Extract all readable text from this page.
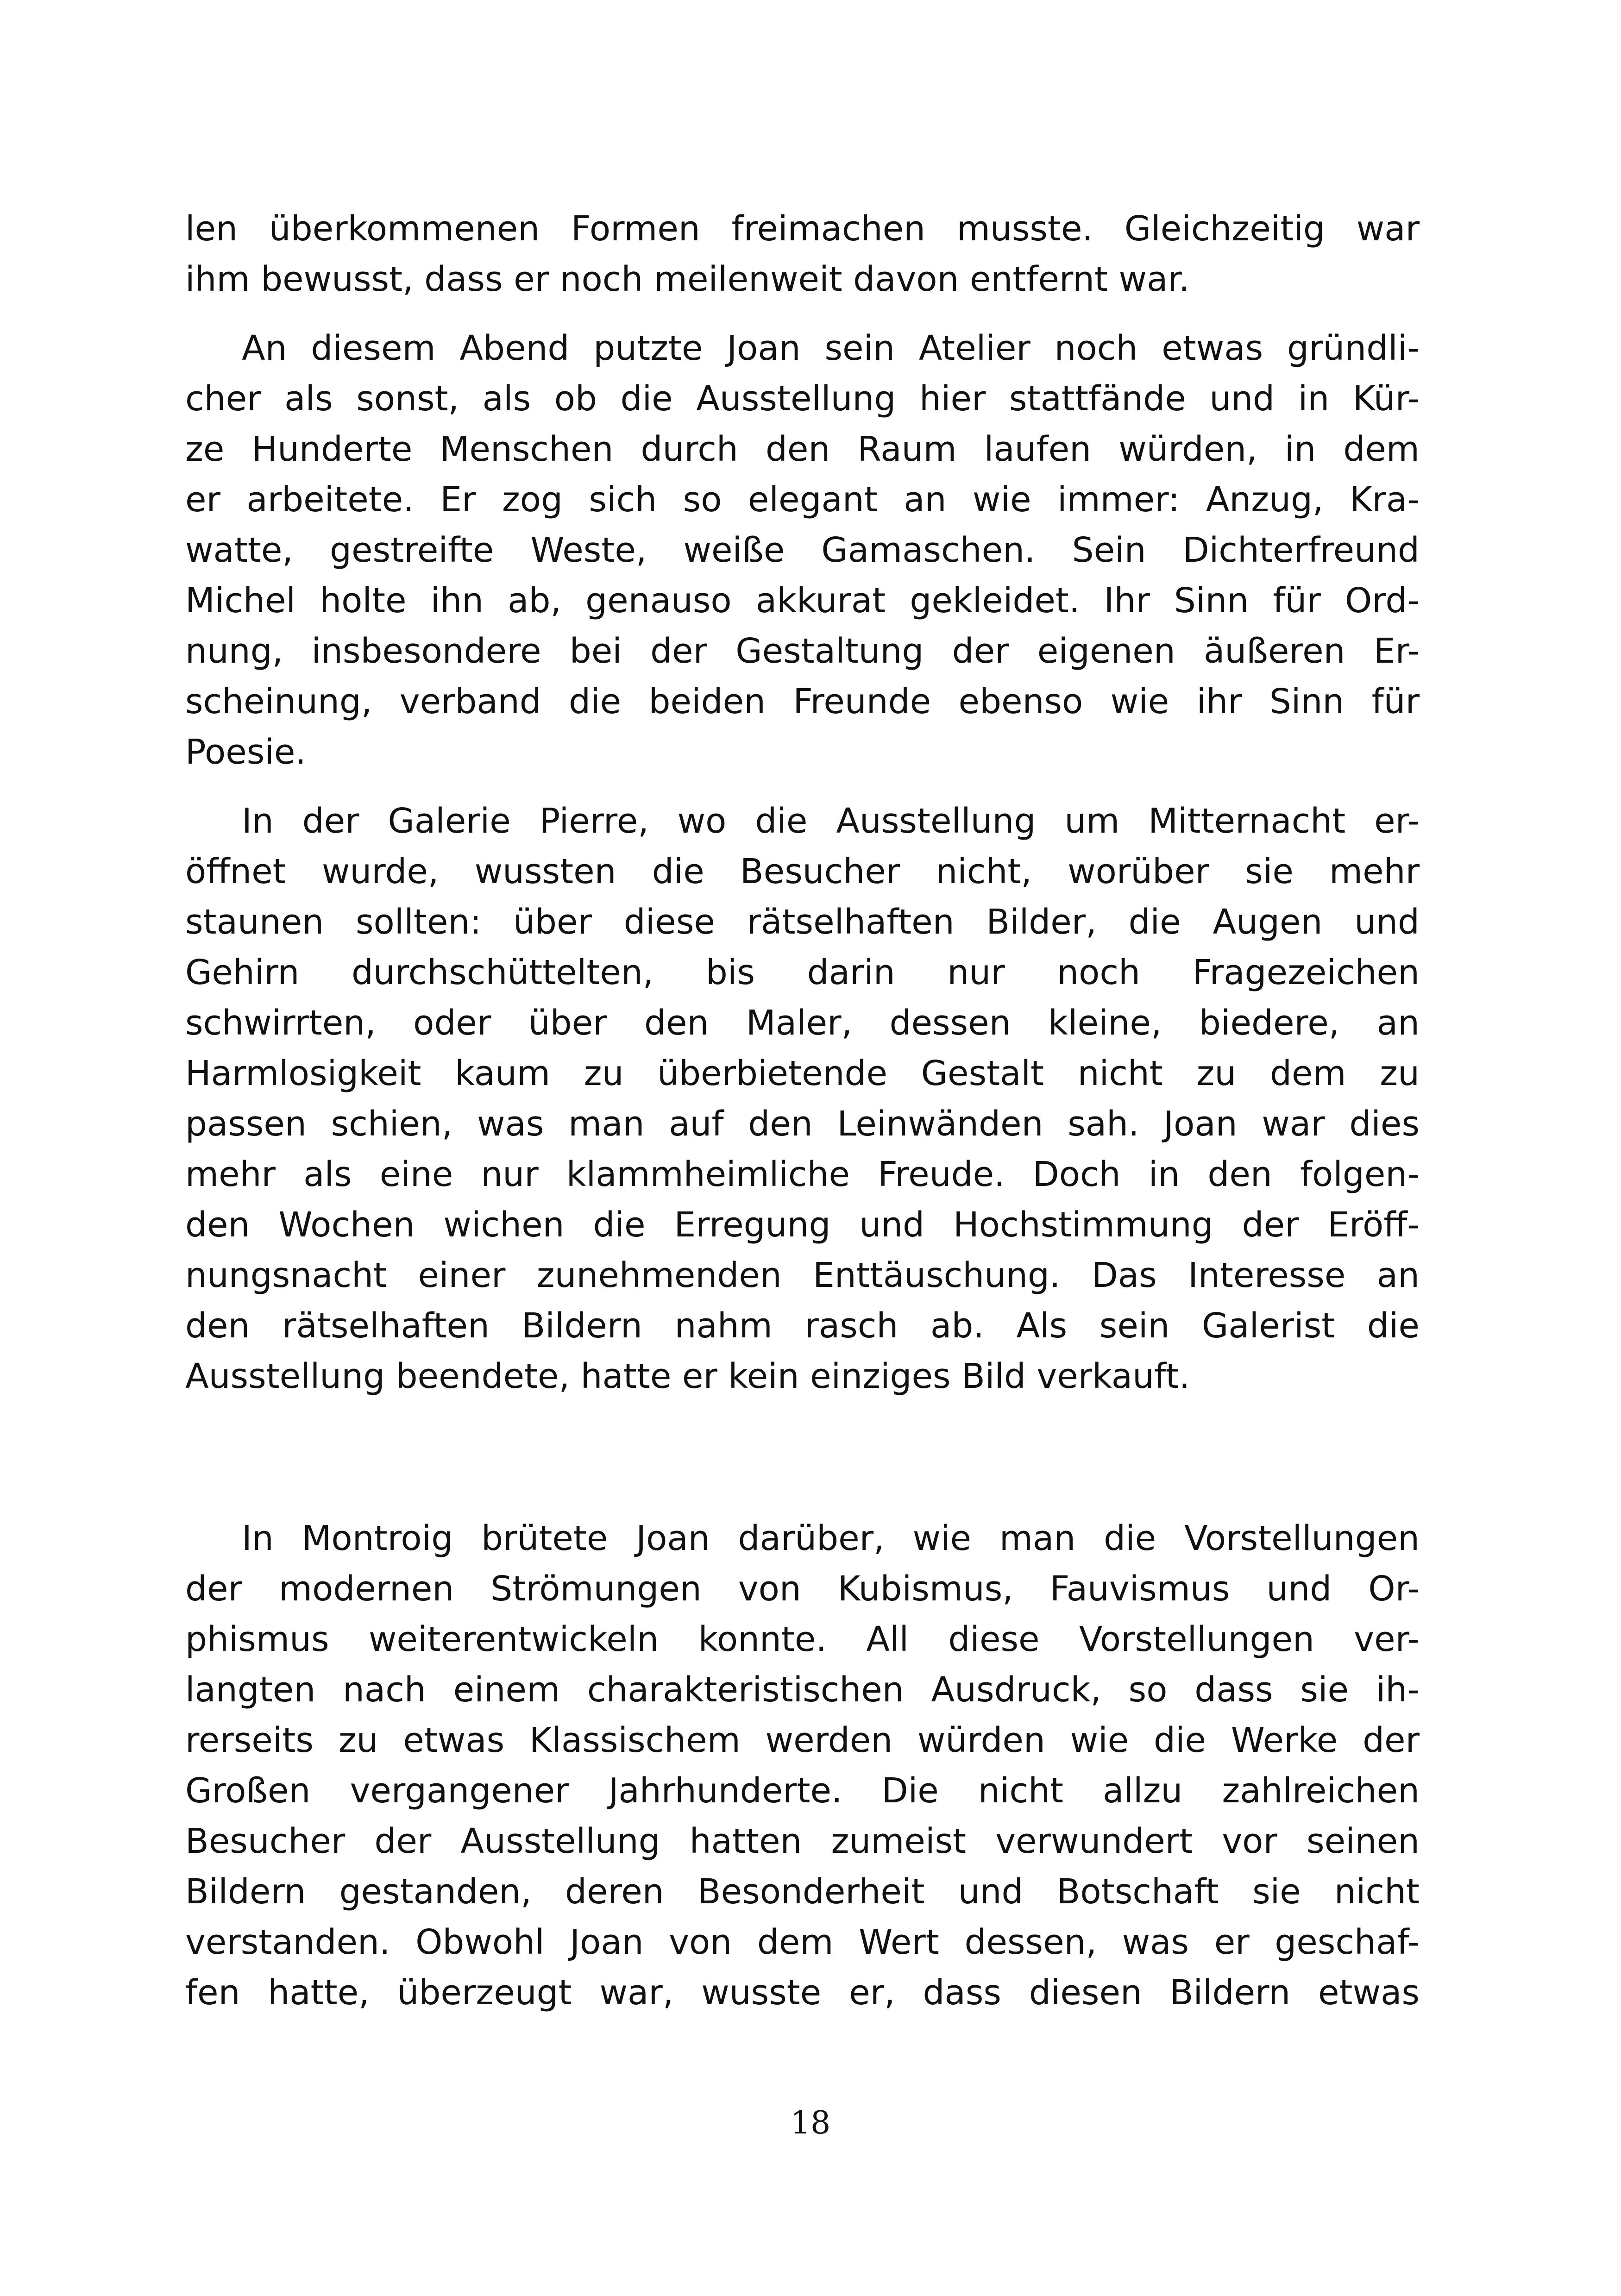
len überkommenen Formen freimachen musste. Gleichzeitig war
ihm bewusst, dass er noch meilenweit davon entfernt war.
An diesem Abend putzte Joan sein Atelier noch etwas gründli-
cher als sonst, als ob die Ausstellung hier stattfände und in Kür-
ze Hunderte Menschen durch den Raum laufen würden, in dem
er arbeitete. Er zog sich so elegant an wie immer: Anzug, Kra-
watte, gestreifte Weste, weiße Gamaschen. Sein Dichterfreund
Michel holte ihn ab, genauso akkurat gekleidet. Ihr Sinn für Ord-
nung, insbesondere bei der Gestaltung der eigenen äußeren Er-
scheinung, verband die beiden Freunde ebenso wie ihr Sinn für
Poesie.
In der Galerie Pierre, wo die Ausstellung um Mitternacht er-
öffnet wurde, wussten die Besucher nicht, worüber sie mehr
staunen sollten: über diese rätselhaften Bilder, die Augen und
Gehirn durchschüttelten, bis darin nur noch Fragezeichen
schwirrten, oder über den Maler, dessen kleine, biedere, an
Harmlosigkeit kaum zu überbietende Gestalt nicht zu dem zu
passen schien, was man auf den Leinwänden sah. Joan war dies
mehr als eine nur klammheimliche Freude. Doch in den folgen-
den Wochen wichen die Erregung und Hochstimmung der Eröff-
nungsnacht einer zunehmenden Enttäuschung. Das Interesse an
den rätselhaften Bildern nahm rasch ab. Als sein Galerist die
Ausstellung beendete, hatte er kein einziges Bild verkauft.
In Montroig brütete Joan darüber, wie man die Vorstellungen
der modernen Strömungen von Kubismus, Fauvismus und Or-
phismus weiterentwickeln konnte. All diese Vorstellungen ver-
langten nach einem charakteristischen Ausdruck, so dass sie ih-
rerseits zu etwas Klassischem werden würden wie die Werke der
Großen vergangener Jahrhunderte. Die nicht allzu zahlreichen
Besucher der Ausstellung hatten zumeist verwundert vor seinen
Bildern gestanden, deren Besonderheit und Botschaft sie nicht
verstanden. Obwohl Joan von dem Wert dessen, was er geschaf-
fen hatte, überzeugt war, wusste er, dass diesen Bildern etwas
18
